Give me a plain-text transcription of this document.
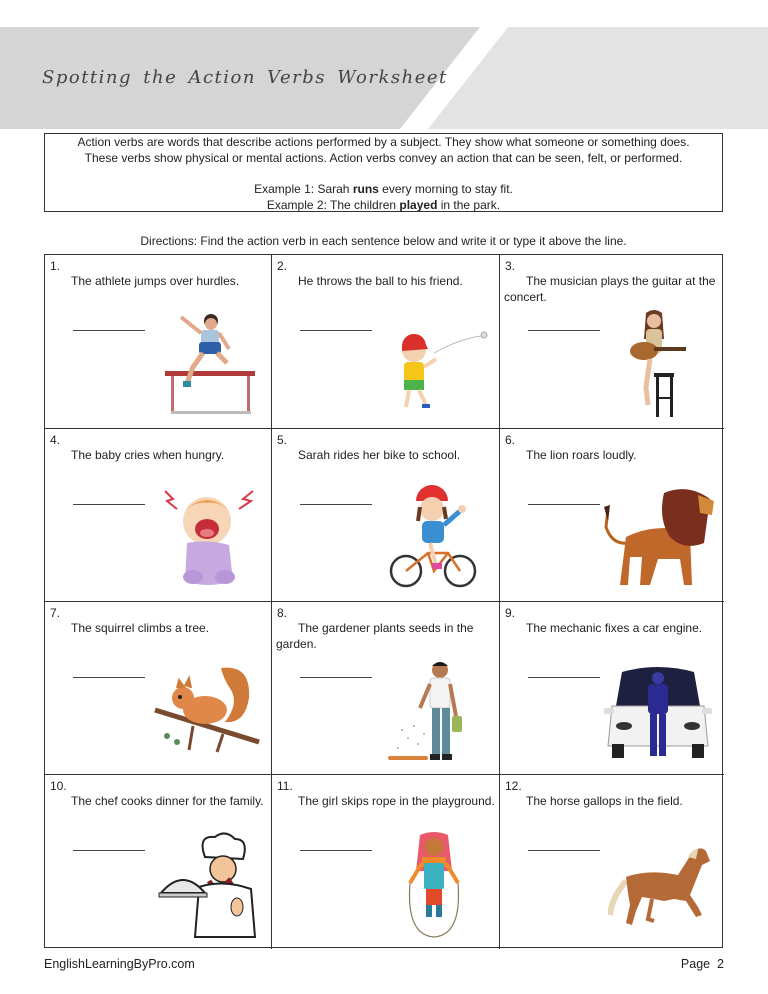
Spotting the Action Verbs Worksheet

Action verbs are words that describe actions performed by a subject. They show what someone or something does.

These verbs show physical or mental actions. Action verbs convey an action that can be seen, felt, or performed.

Example 1: Sarah runs every morning to stay fit.

Example 2: The children played in the park.

Directions: Find the action verb in each sentence below and write it or type it above the line.
1.
The athlete jumps over hurdles.
2.
He throws the ball to his friend.
3.
The musician plays the guitar at the concert.
4.
The baby cries when hungry.
5.
Sarah rides her bike to school.
6.
The lion roars loudly.
7.
The squirrel climbs a tree.
8.
The gardener plants seeds in the garden.
9.
The mechanic fixes a car engine.
10.
The chef cooks dinner for the family.
11.
The girl skips rope in the playground.
12.
The horse gallops in the field.
EnglishLearningByPro.com	Page  2
